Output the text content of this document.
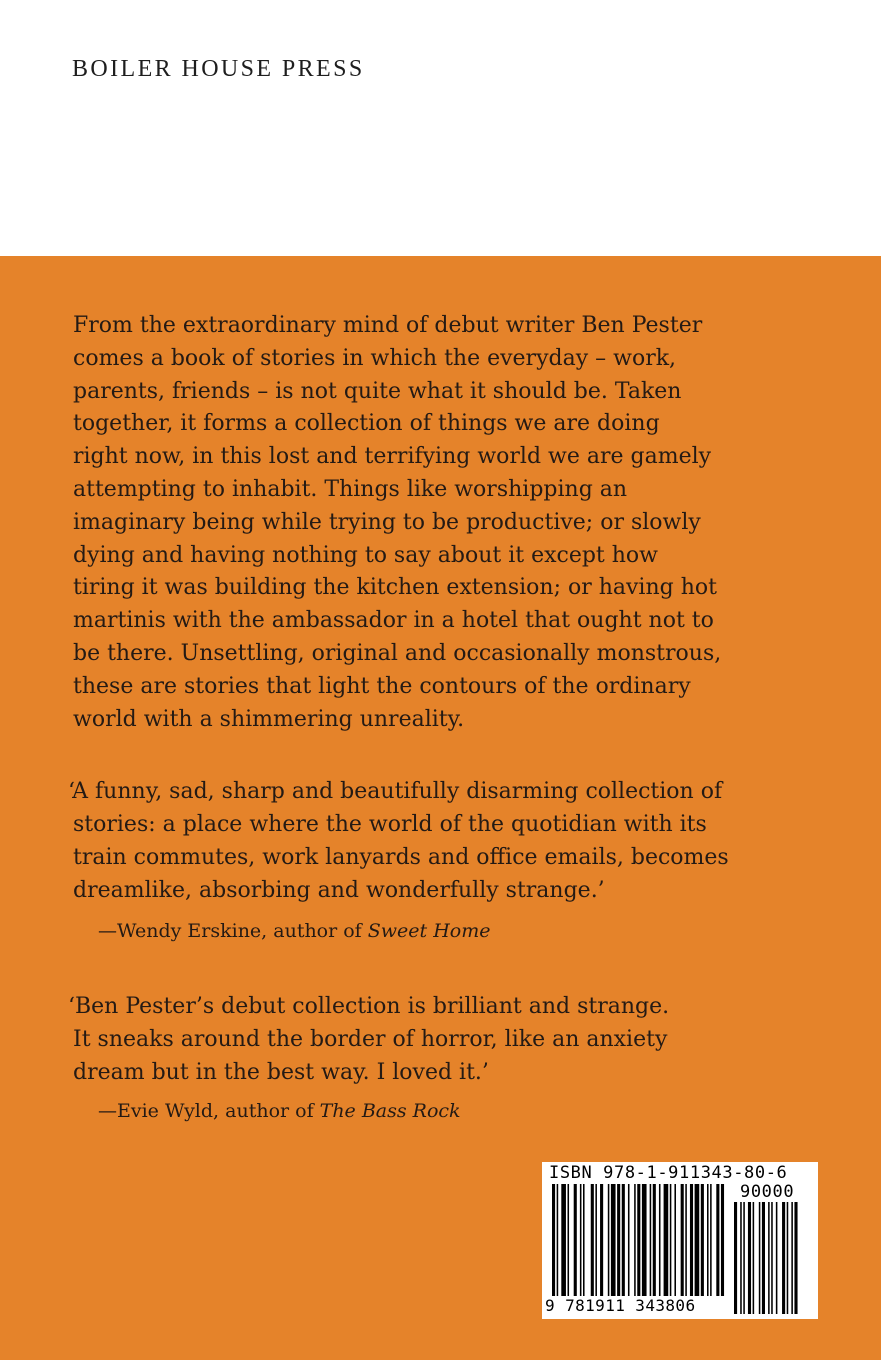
BOILER HOUSE PRESS

From the extraordinary mind of debut writer Ben Pester
comes a book of stories in which the everyday – work,
parents, friends – is not quite what it should be. Taken
together, it forms a collection of things we are doing
right now, in this lost and terrifying world we are gamely
attempting to inhabit. Things like worshipping an
imaginary being while trying to be productive; or slowly
dying and having nothing to say about it except how
tiring it was building the kitchen extension; or having hot
martinis with the ambassador in a hotel that ought not to
be there. Unsettling, original and occasionally monstrous,
these are stories that light the contours of the ordinary
world with a shimmering unreality.

‘A funny, sad, sharp and beautifully disarming collection of
stories: a place where the world of the quotidian with its
train commutes, work lanyards and office emails, becomes
dreamlike, absorbing and wonderfully strange.’

—Wendy Erskine, author of Sweet Home

‘Ben Pester’s debut collection is brilliant and strange.
It sneaks around the border of horror, like an anxiety
dream but in the best way. I loved it.’

—Evie Wyld, author of The Bass Rock
ISBN 978-1-911343-80-6
90000
9 781911 343806
